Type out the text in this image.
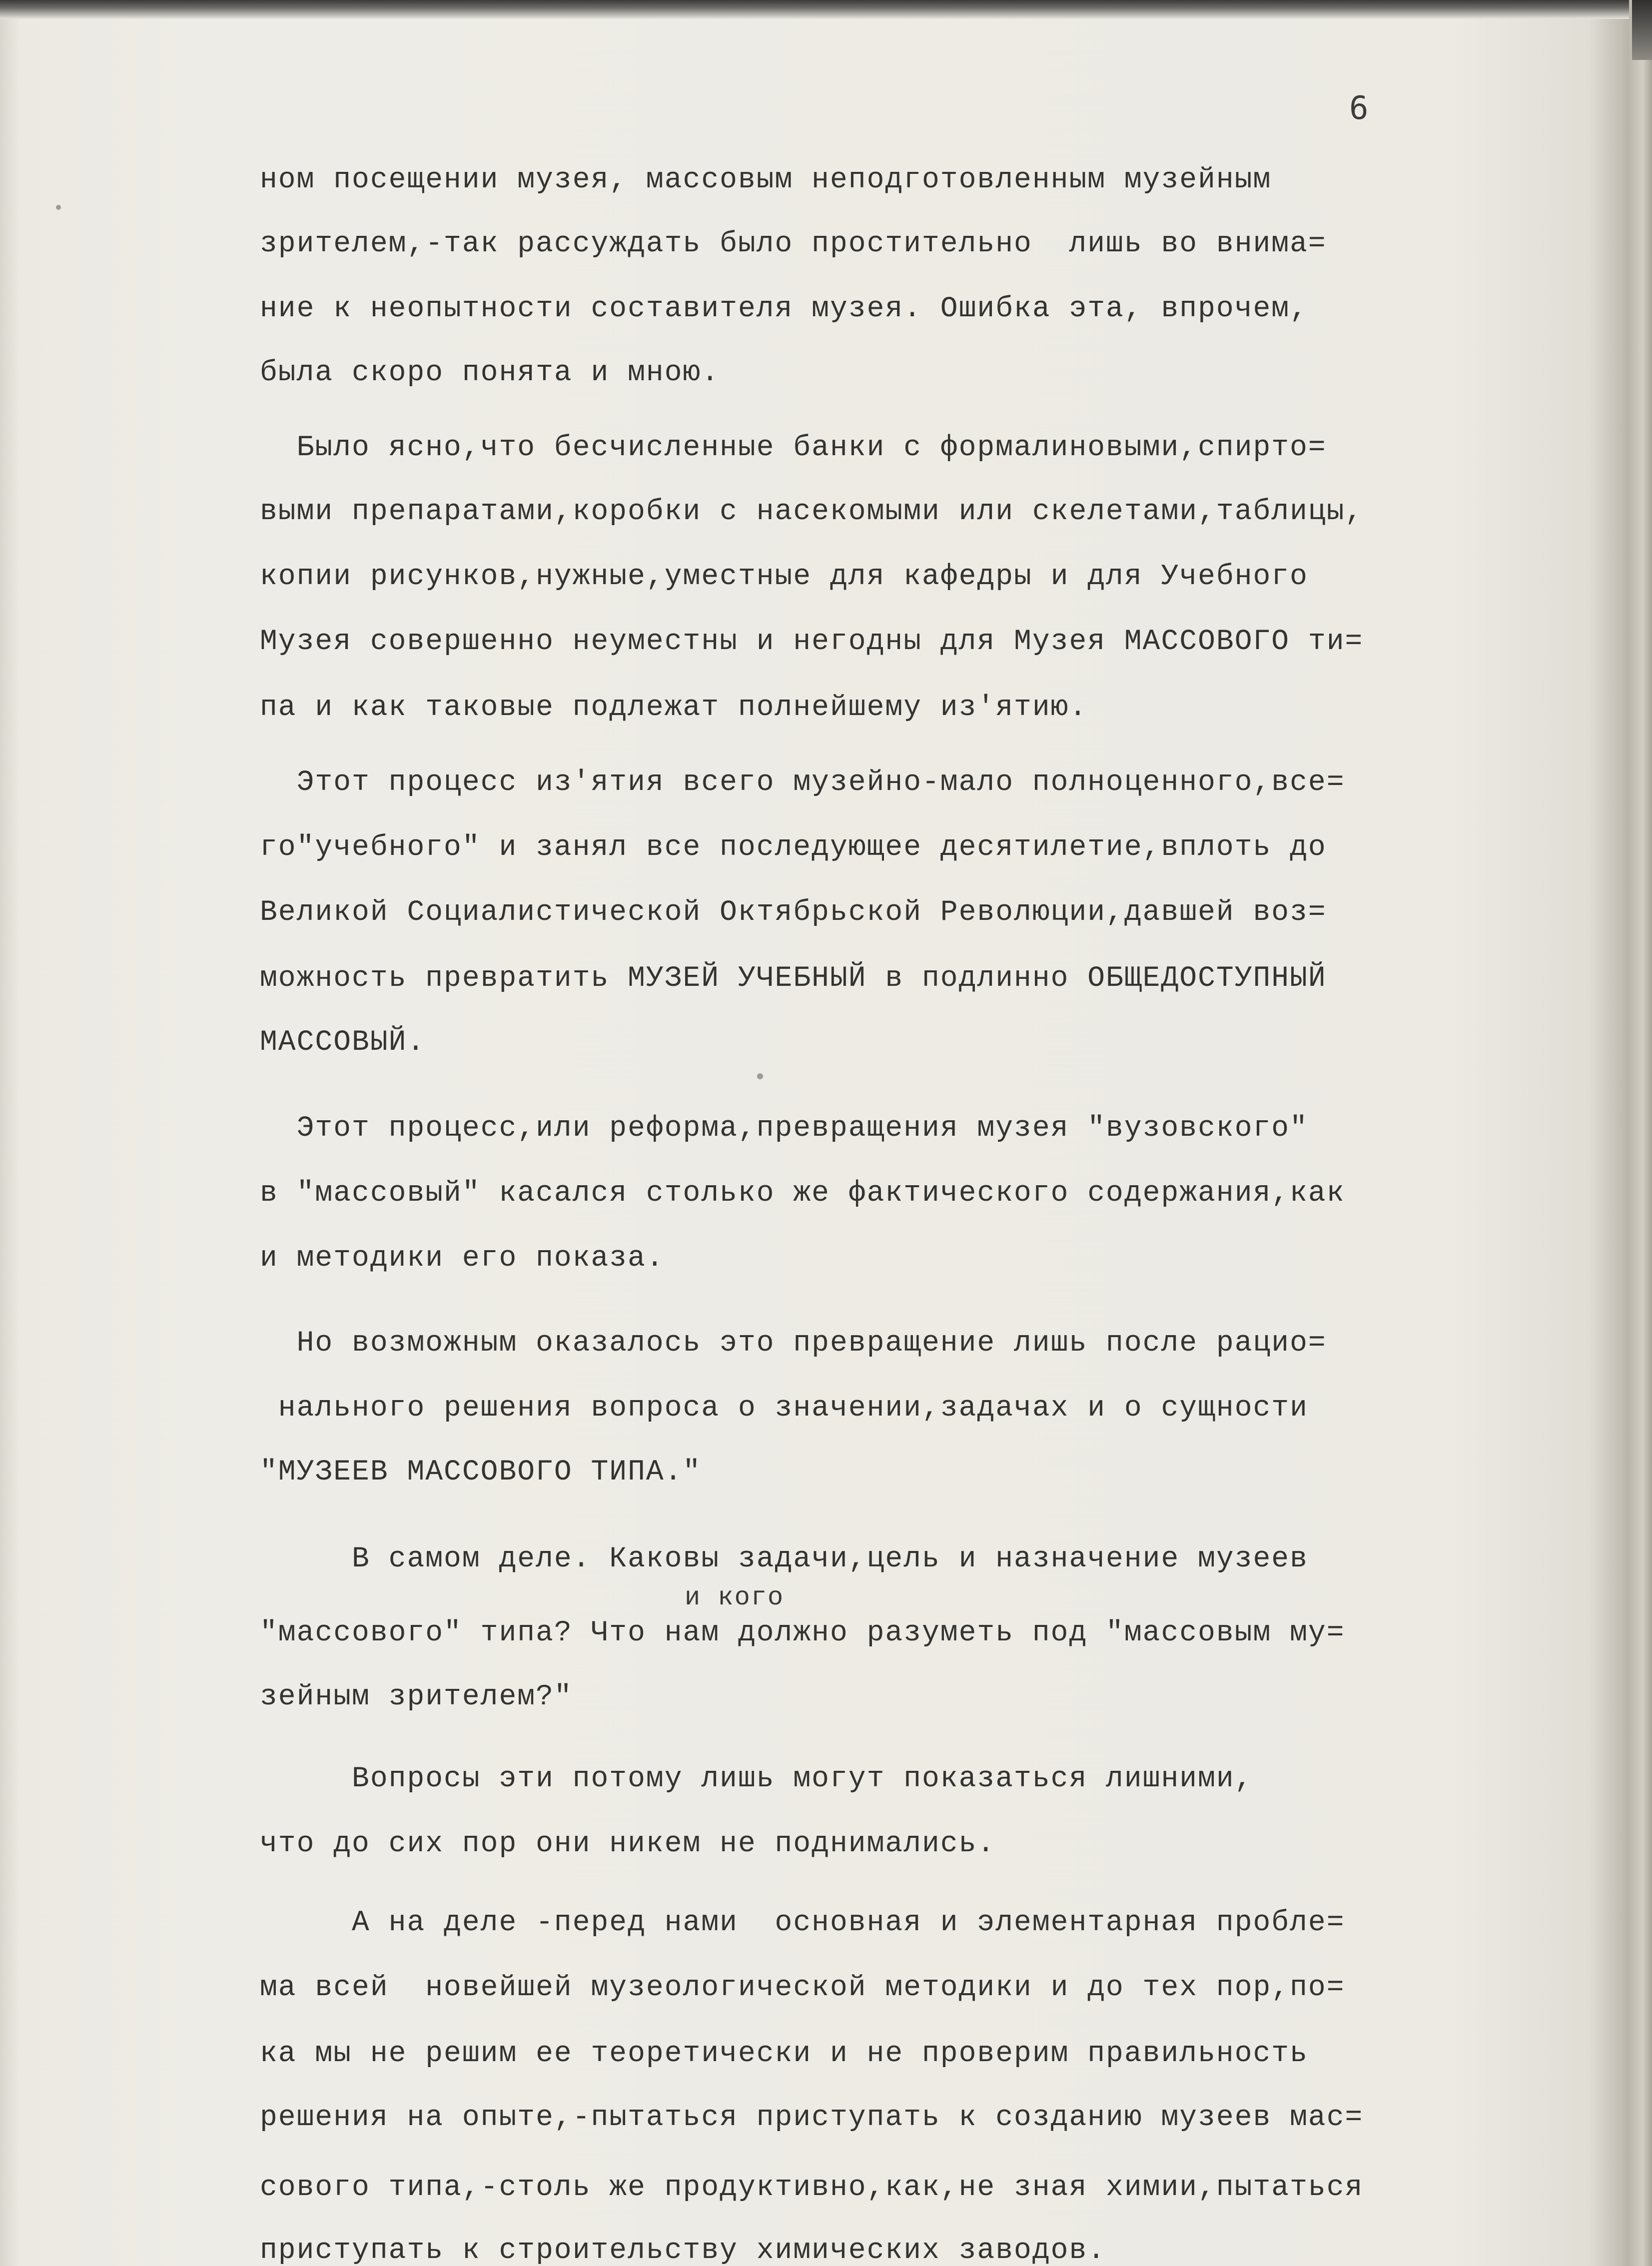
6
ном посещении музея, массовым неподготовленным музейным
зрителем,-так рассуждать было простительно  лишь во внима=
ние к неопытности составителя музея. Ошибка эта, впрочем,
была скоро понята и мною.
Было ясно,что бесчисленные банки с формалиновыми,спирто=
выми препаратами,коробки с насекомыми или скелетами,таблицы,
копии рисунков,нужные,уместные для кафедры и для Учебного
Музея совершенно неуместны и негодны для Музея МАССОВОГО ти=
па и как таковые подлежат полнейшему из'ятию.
Этот процесс из'ятия всего музейно-мало полноценного,все=
го"учебного" и занял все последующее десятилетие,вплоть до
Великой Социалистической Октябрьской Революции,давшей воз=
можность превратить МУЗЕЙ УЧЕБНЫЙ в подлинно ОБЩЕДОСТУПНЫЙ
МАССОВЫЙ.
Этот процесс,или реформа,превращения музея "вузовского"
в "массовый" касался столько же фактического содержания,как
и методики его показа.
Но возможным оказалось это превращение лишь после рацио=
нального решения вопроса о значении,задачах и о сущности
"МУЗЕЕВ МАССОВОГО ТИПА."
В самом деле. Каковы задачи,цель и назначение музеев
и кого
"массового" типа? Что нам должно разуметь под "массовым му=
зейным зрителем?"
Вопросы эти потому лишь могут показаться лишними,
что до сих пор они никем не поднимались.
А на деле -перед нами  основная и элементарная пробле=
ма всей  новейшей музеологической методики и до тех пор,по=
ка мы не решим ее теоретически и не проверим правильность
решения на опыте,-пытаться приступать к созданию музеев мас=
сового типа,-столь же продуктивно,как,не зная химии,пытаться
приступать к строительству химических заводов.
